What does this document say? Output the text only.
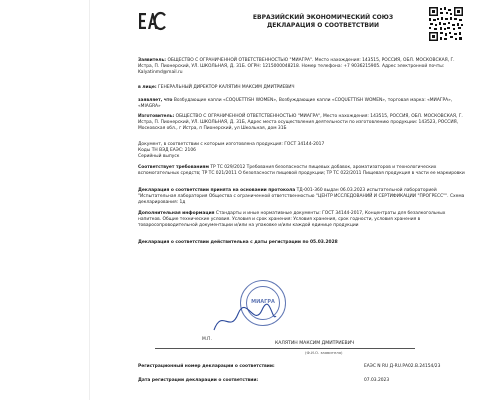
ЕВРАЗИЙСКИЙ ЭКОНОМИЧЕСКИЙ СОЮЗ
ДЕКЛАРАЦИЯ О СООТВЕТСТВИИ

Заявитель: ОБЩЕСТВО С ОГРАНИЧЕННОЙ ОТВЕТСТВЕННОСТЬЮ "МИАГРА". Место нахождения: 143515, РОССИЯ, ОБЛ. МОСКОВСКАЯ, Г. Истра, П. Пионерский, УЛ. ШКОЛЬНАЯ, Д. 31Б. ОГРН: 1215000048218. Номер телефона: +7 9036215905. Адрес электронной почты: Kalyatinmd@mail.ru

в лице: ГЕНЕРАЛЬНЫЙ ДИРЕКТОР КАЛЯТИН МАКСИМ ДМИТРИЕВИЧ

заявляет, что Возбудающие капли «COQUETTISH WOMEN», Возбуждающие капли «COQUETTISH WOMEN», торговая марка: «МИАГРА», «MIAGRA»

Изготовитель: ОБЩЕСТВО С ОГРАНИЧЕННОЙ ОТВЕТСТВЕННОСТЬЮ "МИАГРА", Место нахождения: 143515, РОССИЯ, ОБЛ. МОСКОВСКАЯ, Г. Истра, П. Пионерский, УЛ. ШКОЛЬНАЯ, Д. 31Б, Адрес места осуществления деятельности по изготовлению продукции: 143523, РОССИЯ, Московская обл., г Истра, п Пионерский, ул Школьная, дом 31Б

Документ, в соответствии с которым изготовлена продукция: ГОСТ 34144-2017

Коды ТН ВЭД ЕАЭС: 2106

Серийный выпуск

Соответствует требованиям ТР ТС 029/2012 Требования безопасности пищевых добавок, ароматизаторов и технологических вспомогательных средств; ТР ТС 021/2011 О безопасности пищевой продукции; ТР ТС 022/2011 Пищевая продукция в части ее маркировки

Декларация о соответствии принята на основании протокола ТД-001-360 выдан 06.03.2023 испытательной лабораторией "Испытательная лаборатория Общества с ограниченной ответственностью "ЦЕНТР ИССЛЕДОВАНИЙ И СЕРТИФИКАЦИИ "ПРОГРЕСС"". Схема декларирования: 1д

Дополнительная информация Стандарты и иные нормативные документы: ГОСТ 34144-2017, Концентраты для безалкогольных напитков. Общие технические условия. Условия и срок хранения: Условия хранения, срок годности, условия хранения в товаросопроводительной документации и/или на упаковке и/или каждой единице продукции

Декларация о соответствии действительна с даты регистрации по 05.03.2028

МИАГРА
М.П.
КАЛЯТИН МАКСИМ ДМИТРИЕВИЧ
(Ф.И.О. заявителя)
Регистрационный номер декларации о соответствии:	ЕАЭС N RU Д-RU.РА02.В.24154/23
Дата регистрации декларации о соответствии:	07.03.2023
